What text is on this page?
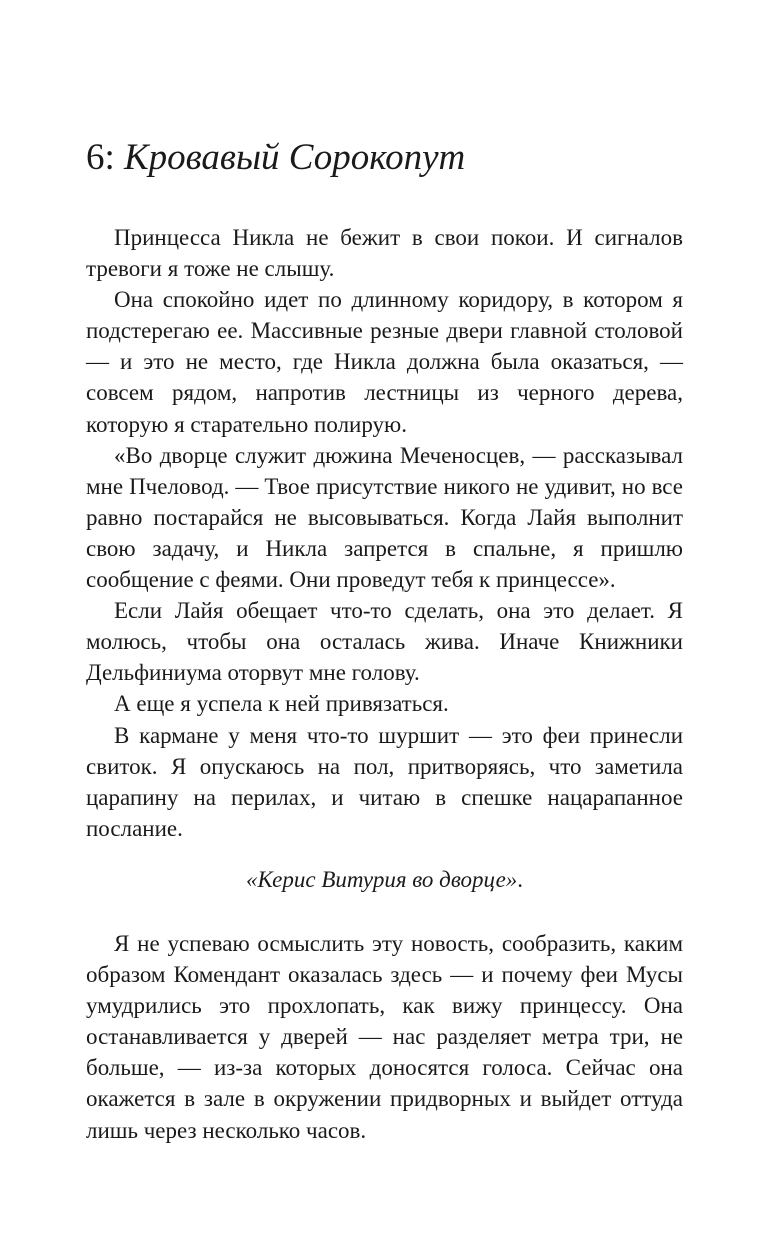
6: Кровавый Сорокопут

Принцесса Никла не бежит в свои покои. И сигналов тревоги я тоже не слышу.

Она спокойно идет по длинному коридору, в котором я подстерегаю ее. Массивные резные двери главной столовой — и это не место, где Никла должна была оказаться, — совсем рядом, напротив лестницы из черного дерева, которую я старательно полирую.

«Во дворце служит дюжина Меченосцев, — рассказывал мне Пчеловод. — Твое присутствие никого не удивит, но все равно постарайся не высовываться. Когда Лайя выполнит свою задачу, и Никла запрется в спальне, я пришлю сообщение с феями. Они проведут тебя к принцессе».

Если Лайя обещает что-то сделать, она это делает. Я молюсь, чтобы она осталась жива. Иначе Книжники Дельфиниума оторвут мне голову.

А еще я успела к ней привязаться.

В кармане у меня что-то шуршит — это феи принесли свиток. Я опускаюсь на пол, притворяясь, что заметила царапину на перилах, и читаю в спешке нацарапанное послание.

«Керис Витурия во дворце».

Я не успеваю осмыслить эту новость, сообразить, каким образом Комендант оказалась здесь — и почему феи Мусы умудрились это прохлопать, как вижу принцессу. Она останавливается у дверей — нас разделяет метра три, не больше, — из-за которых доносятся голоса. Сейчас она окажется в зале в окружении придворных и выйдет оттуда лишь через несколько часов.
